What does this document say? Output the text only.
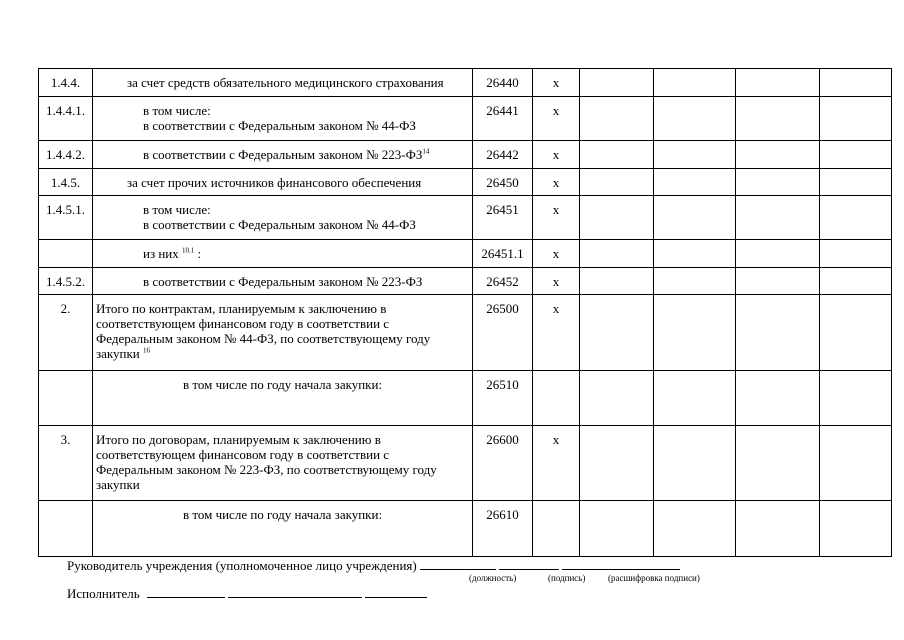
1.4.4.	за счет средств обязательного медицинского страхования	26440	x				
1.4.4.1.	в том числе:
в соответствии с Федеральным законом № 44-ФЗ	26441	x				
1.4.4.2.	в соответствии с Федеральным законом № 223-ФЗ$^{14}$	26442	x				
1.4.5.	за счет прочих источников финансового обеспечения	26450	x				
1.4.5.1.	в том числе:
в соответствии с Федеральным законом № 44-ФЗ	26451	x				

	из них $^{10.1}$ :	26451.1	x				
1.4.5.2.	в соответствии с Федеральным законом № 223-ФЗ	26452	x				
2.	Итого по контрактам, планируемым к заключению в соответствующем финансовом году в соответствии с Федеральным законом № 44-ФЗ, по соответствующему году закупки $^{16}$	26500	x				

	в том числе по году начала закупки:	26510					
3.	Итого по договорам, планируемым к заключению в соответствующем финансовом году в соответствии с Федеральным законом № 223-ФЗ, по соответствующему году закупки	26600	x				

	в том числе по году начала закупки:	26610					
Руководитель учреждения (уполномоченное лицо учреждения)
(должность)	(подпись)	(расшифровка подписи)
Исполнитель
